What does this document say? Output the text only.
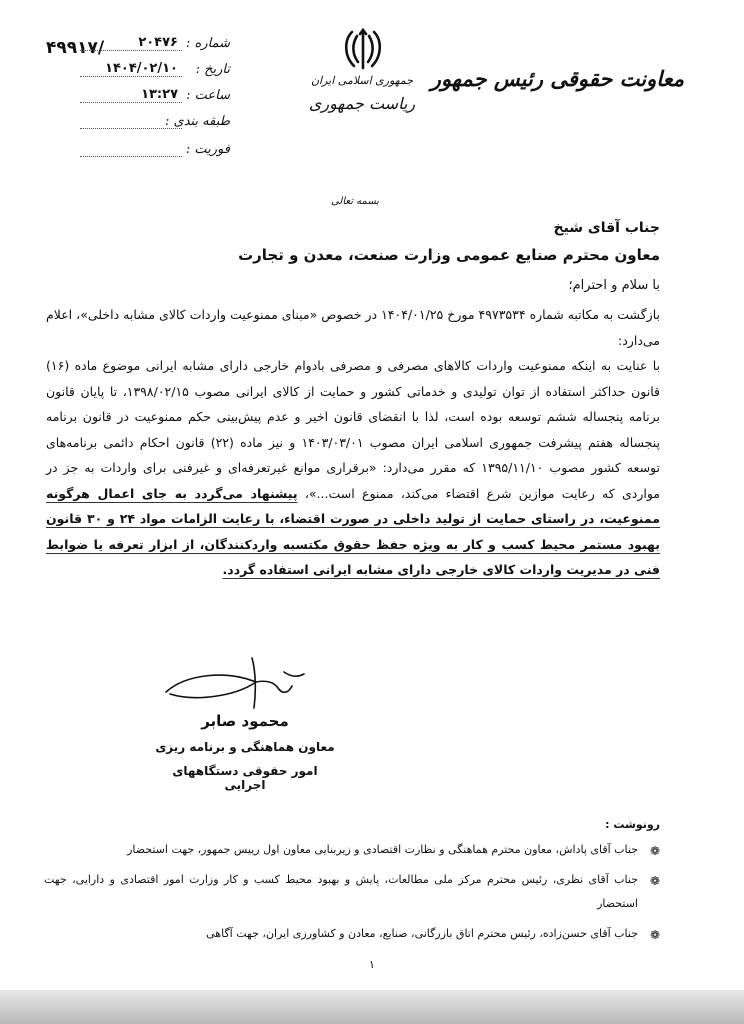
/۴۹۹۱۷	شماره :
۲۰۴۷۶
تاریخ :
۱۴۰۴/۰۲/۱۰
ساعت :
۱۳:۲۷
طبقه بندی :
فوریت :
جمهوری اسلامی ایران
ریاست جمهوری
معاونت حقوقی رئیس جمهور
بسمه تعالی
جناب آقای شیخ
معاون محترم صنایع عمومی وزارت صنعت، معدن و تجارت
با سلام و احترام؛

بازگشت به مکاتبه شماره ۴۹۷۳۵۳۴ مورخ ۱۴۰۴/۰۱/۲۵ در خصوص «مبنای ممنوعیت واردات کالای مشابه داخلی»، اعلام می‌دارد:

با عنایت به اینکه ممنوعیت واردات کالاهای مصرفی و مصرفی بادوام خارجی دارای مشابه ایرانی موضوع ماده (۱۶) قانون حداکثر استفاده از توان تولیدی و خدماتی کشور و حمایت از کالای ایرانی مصوب ۱۳۹۸/۰۲/۱۵، تا پایان قانون برنامه پنجساله ششم توسعه بوده است، لذا با انقضای قانون اخیر و عدم پیش‌بینی حکم ممنوعیت در قانون برنامه پنجساله هفتم پیشرفت جمهوری اسلامی ایران مصوب ۱۴۰۳/۰۳/۰۱ و نیز ماده (۲۲) قانون احکام دائمی برنامه‌های توسعه کشور مصوب ۱۳۹۵/۱۱/۱۰ که مقرر می‌دارد: «برقراری موانع غیرتعرفه‌ای و غیرفنی برای واردات به جز در مواردی که رعایت موازین شرع اقتضاء می‌کند، ممنوع است...»، پیشنهاد می‌گردد به جای اعمال هرگونه ممنوعیت، در راستای حمایت از تولید داخلی در صورت اقتضاء، با رعایت الزامات مواد ۲۴ و ۳۰ قانون بهبود مستمر محیط کسب و کار به ویژه حفظ حقوق مکتسبه واردکنندگان، از ابزار تعرفه یا ضوابط فنی در مدیریت واردات کالای خارجی دارای مشابه ایرانی استفاده گردد.

محمود صابر
معاون هماهنگی و برنامه ریزی
امور حقوقی دستگاههای اجرایی
رونوشت :
❁
جناب آقای پاداش، معاون محترم هماهنگی و نظارت اقتصادی و زیربنایی معاون اول رییس جمهور، جهت استحضار
❁
جناب آقای نظری، رئیس محترم مرکز ملی مطالعات، پایش و بهبود محیط کسب و کار وزارت امور اقتصادی و دارایی، جهت استحضار
❁
جناب آقای حسن‌زاده، رئیس محترم اتاق بازرگانی، صنایع، معادن و کشاورزی ایران، جهت آگاهی
۱
